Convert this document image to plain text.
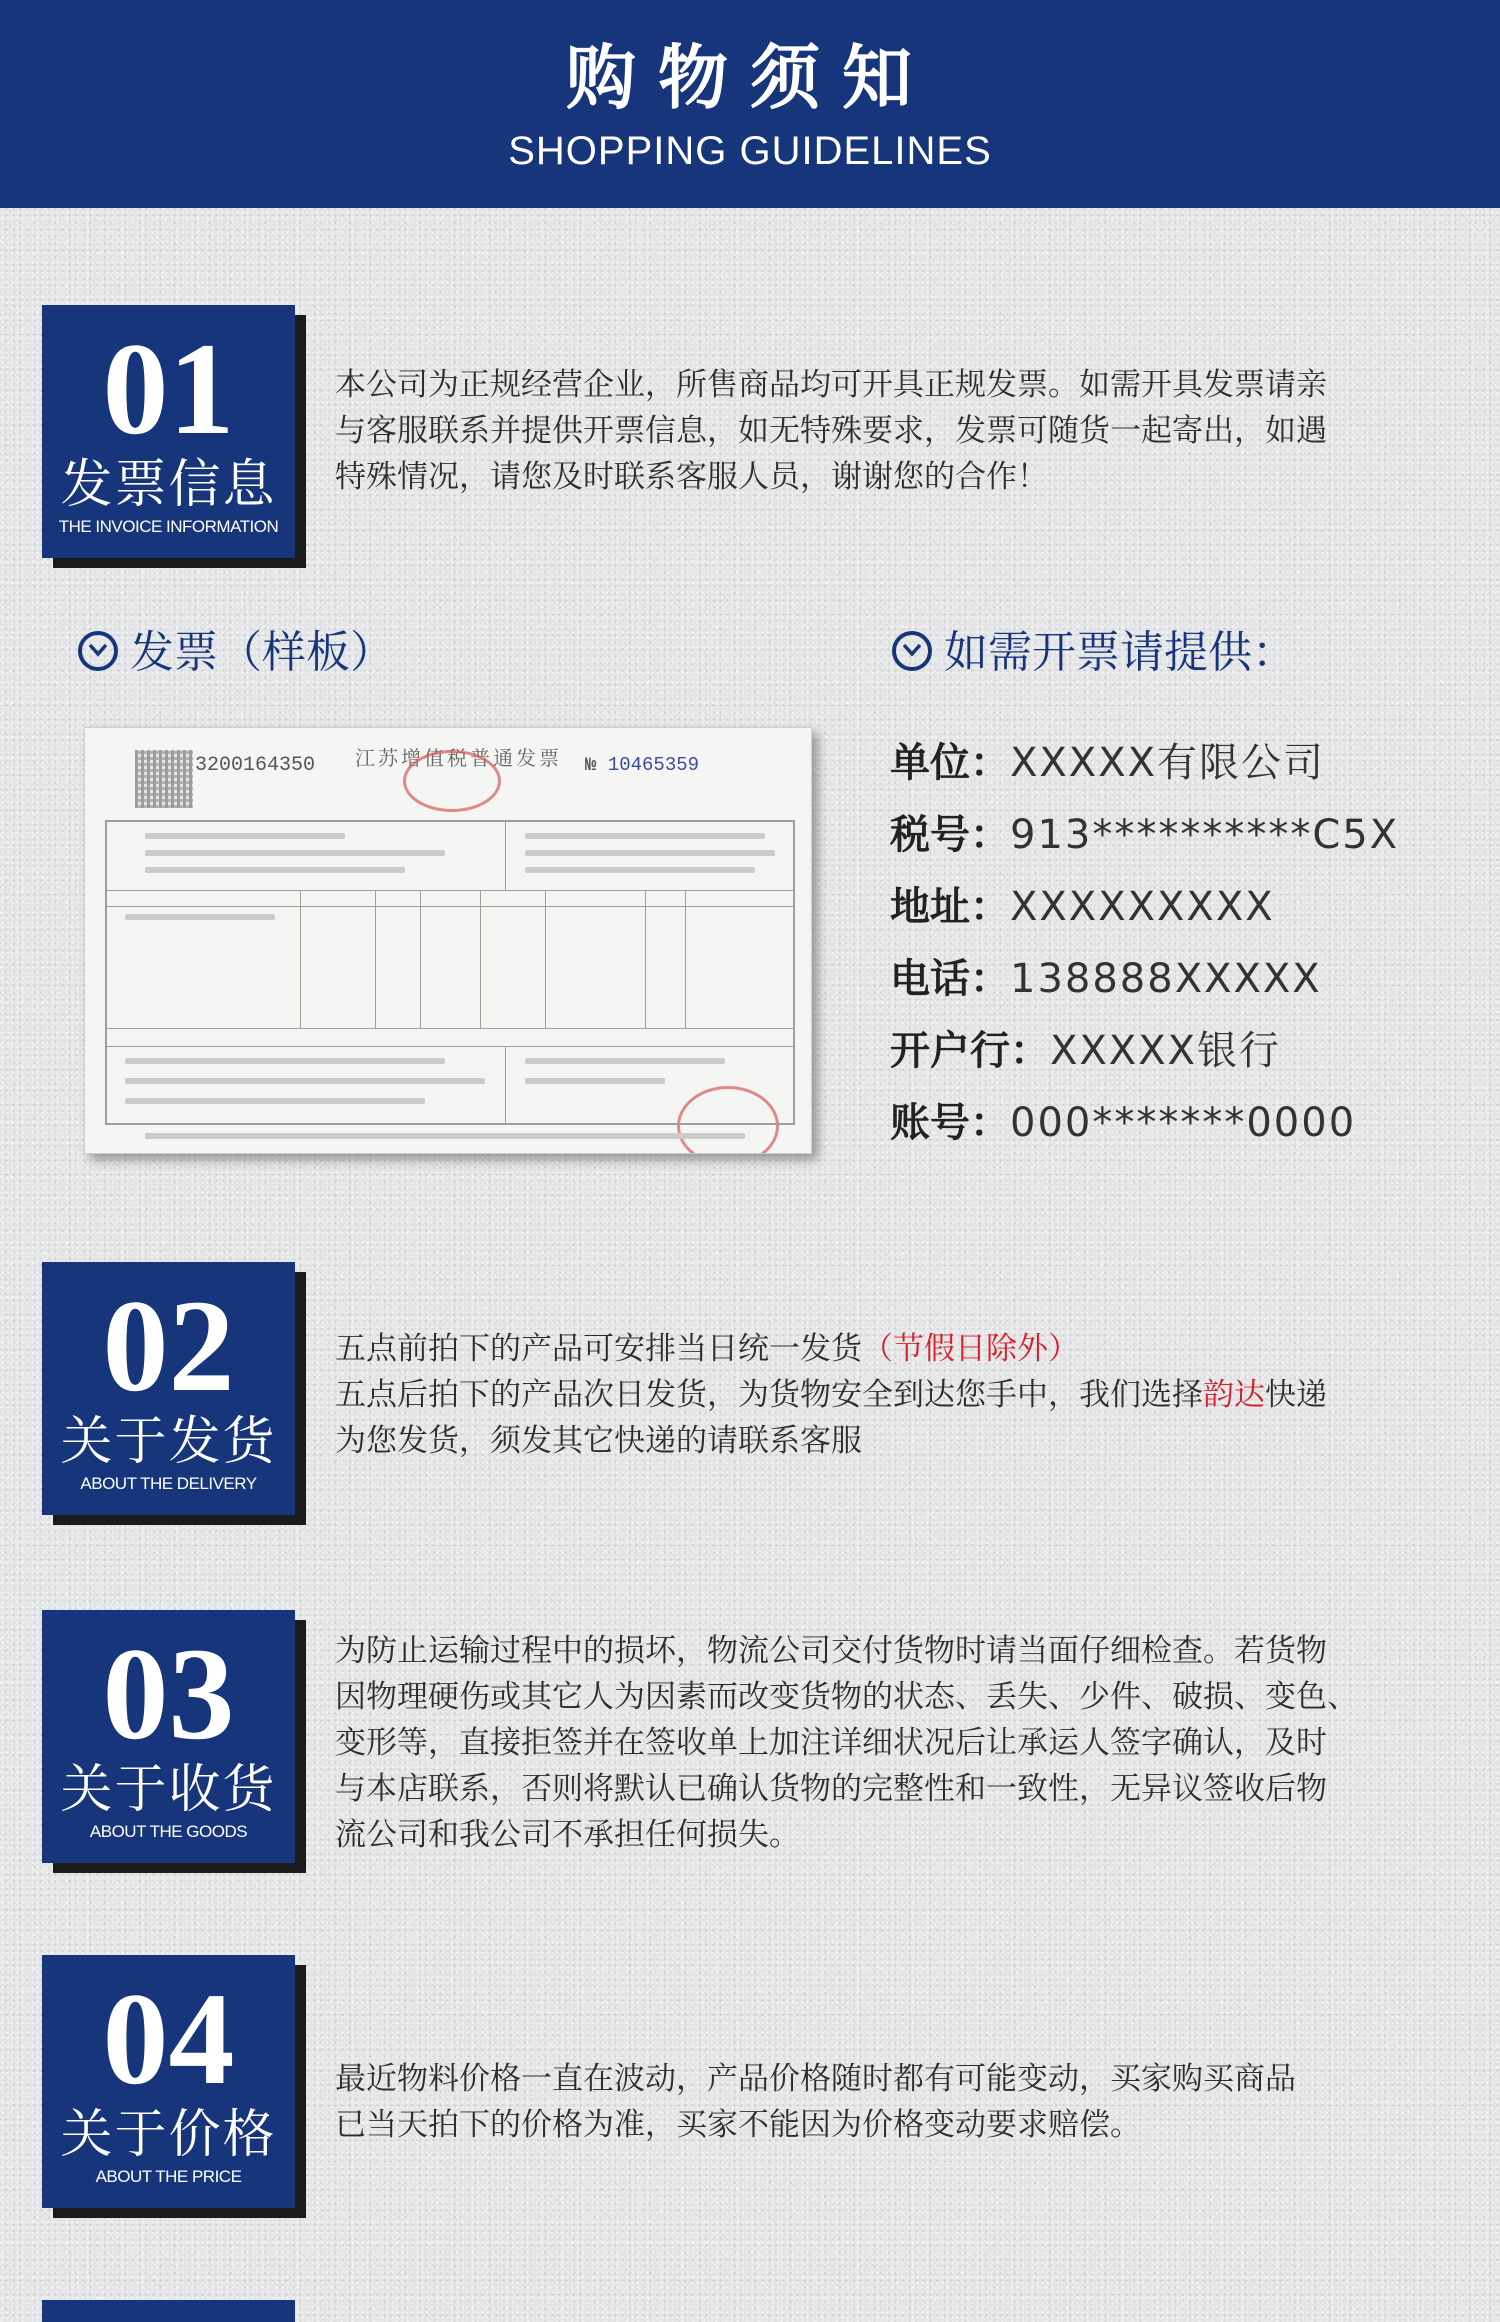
购物须知
SHOPPING GUIDELINES
01
发票信息
THE INVOICE INFORMATION

本公司为正规经营企业，所售商品均可开具正规发票。如需开具发票请亲

与客服联系并提供开票信息，如无特殊要求，发票可随货一起寄出，如遇

特殊情况，请您及时联系客服人员，谢谢您的合作！

发票（样板）	如需开票请提供：
3200164350 江苏增值税普通发票 № 10465359	单位：XXXXX有限公司
税号：913**********C5X
地址：XXXXXXXXX
电话：138888XXXXX
开户行：XXXXX银行
账号：000*******0000
02
关于发货
ABOUT THE DELIVERY

五点前拍下的产品可安排当日统一发货（节假日除外）

五点后拍下的产品次日发货，为货物安全到达您手中，我们选择韵达快递

为您发货，须发其它快递的请联系客服

03
关于收货
ABOUT THE GOODS

为防止运输过程中的损坏，物流公司交付货物时请当面仔细检查。若货物

因物理硬伤或其它人为因素而改变货物的状态、丢失、少件、破损、变色、

变形等，直接拒签并在签收单上加注详细状况后让承运人签字确认，及时

与本店联系，否则将默认已确认货物的完整性和一致性，无异议签收后物

流公司和我公司不承担任何损失。

04
关于价格
ABOUT THE PRICE

最近物料价格一直在波动，产品价格随时都有可能变动，买家购买商品

已当天拍下的价格为准，买家不能因为价格变动要求赔偿。
